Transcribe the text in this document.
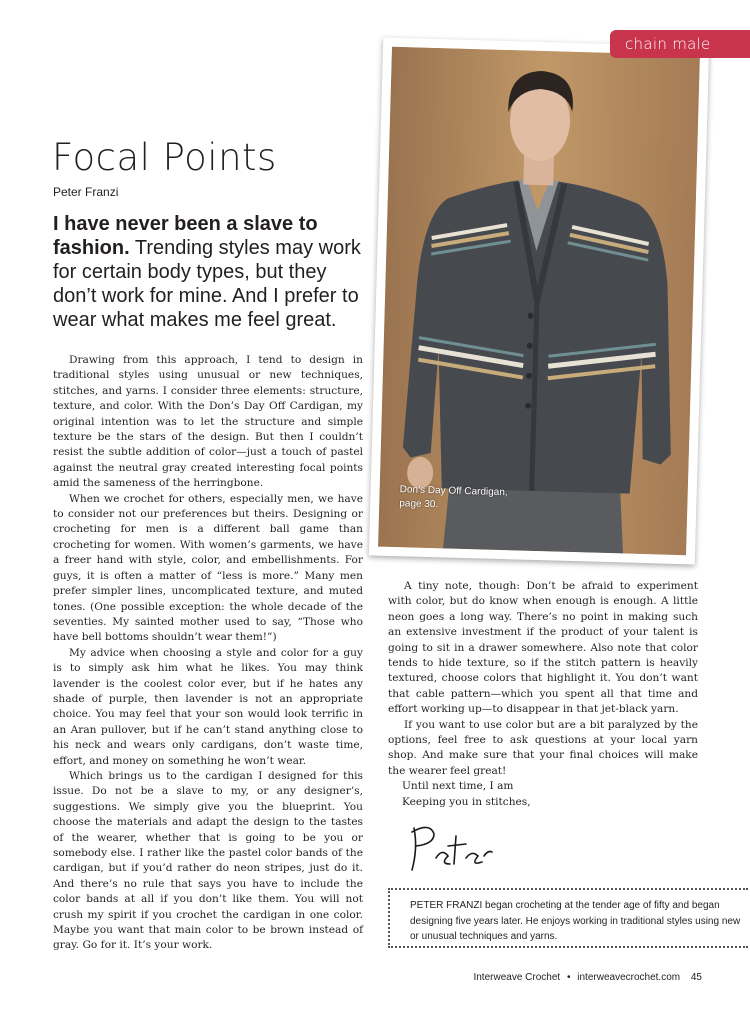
chain male
Focal Points
Peter Franzi

I have never been a slave to fashion. Trending styles may work for certain body types, but they don’t work for mine. And I prefer to wear what makes me feel great.

Drawing from this approach, I tend to design in traditional styles using unusual or new techniques, stitches, and yarns. I consider three elements: structure, texture, and color. With the Don’s Day Off Cardigan, my original intention was to let the structure and simple texture be the stars of the design. But then I couldn’t resist the subtle addition of color—just a touch of pastel against the neutral gray created interesting focal points amid the sameness of the herringbone.

When we crochet for others, especially men, we have to consider not our preferences but theirs. Designing or crocheting for men is a different ball game than crocheting for women. With women’s garments, we have a freer hand with style, color, and embellishments. For guys, it is often a matter of “less is more.” Many men prefer simpler lines, uncomplicated texture, and muted tones. (One possible exception: the whole decade of the seventies. My sainted mother used to say, “Those who have bell bottoms shouldn’t wear them!”)

My advice when choosing a style and color for a guy is to simply ask him what he likes. You may think lavender is the coolest color ever, but if he hates any shade of purple, then lavender is not an appropriate choice. You may feel that your son would look terrific in an Aran pullover, but if he can’t stand anything close to his neck and wears only cardigans, don’t waste time, effort, and money on something he won’t wear.

Which brings us to the cardigan I designed for this issue. Do not be a slave to my, or any designer’s, suggestions. We simply give you the blueprint. You choose the materials and adapt the design to the tastes of the wearer, whether that is going to be you or somebody else. I rather like the pastel color bands of the cardigan, but if you’d rather do neon stripes, just do it. And there’s no rule that says you have to include the color bands at all if you don’t like them. You will not crush my spirit if you crochet the cardigan in one color. Maybe you want that main color to be brown instead of gray. Go for it. It’s your work.

Don’s Day Off Cardigan,
page 30.

A tiny note, though: Don’t be afraid to experiment with color, but do know when enough is enough. A little neon goes a long way. There’s no point in making such an extensive investment if the product of your talent is going to sit in a drawer somewhere. Also note that color tends to hide texture, so if the stitch pattern is heavily textured, choose colors that highlight it. You don’t want that cable pattern—which you spent all that time and effort working up—to disappear in that jet-black yarn.

If you want to use color but are a bit paralyzed by the options, feel free to ask questions at your local yarn shop. And make sure that your final choices will make the wearer feel great!

Until next time, I am

Keeping you in stitches,

PETER FRANZI began crocheting at the tender age of fifty and began designing five years later. He enjoys working in traditional styles using new or unusual techniques and yarns.
Interweave Crochet • interweavecrochet.com 45
